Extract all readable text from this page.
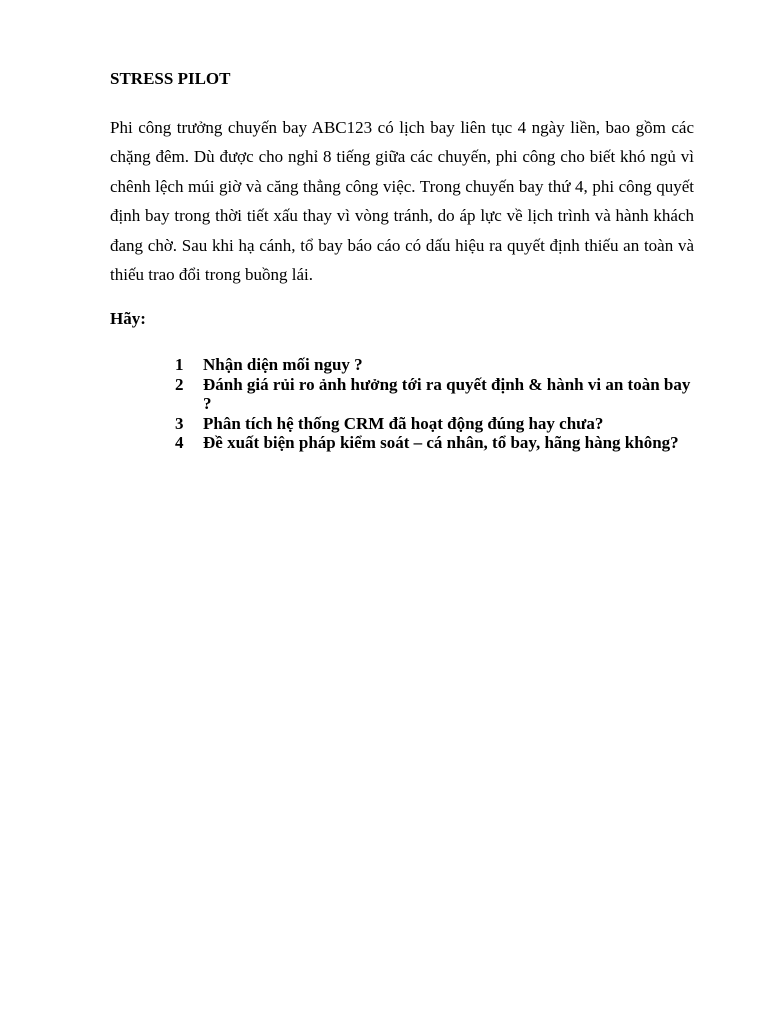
STRESS PILOT

Phi công trưởng chuyến bay ABC123 có lịch bay liên tục 4 ngày liền, bao gồm các chặng đêm. Dù được cho nghỉ 8 tiếng giữa các chuyến, phi công cho biết khó ngủ vì chênh lệch múi giờ và căng thẳng công việc. Trong chuyến bay thứ 4, phi công quyết định bay trong thời tiết xấu thay vì vòng tránh, do áp lực về lịch trình và hành khách đang chờ. Sau khi hạ cánh, tổ bay báo cáo có dấu hiệu ra quyết định thiếu an toàn và thiếu trao đổi trong buồng lái.

Hãy:
1	Nhận diện mối nguy ?
2	Đánh giá rủi ro ảnh hưởng tới ra quyết định & hành vi an toàn bay ?
3	Phân tích hệ thống CRM đã hoạt động đúng hay chưa?
4	Đề xuất biện pháp kiểm soát – cá nhân, tổ bay, hãng hàng không?
